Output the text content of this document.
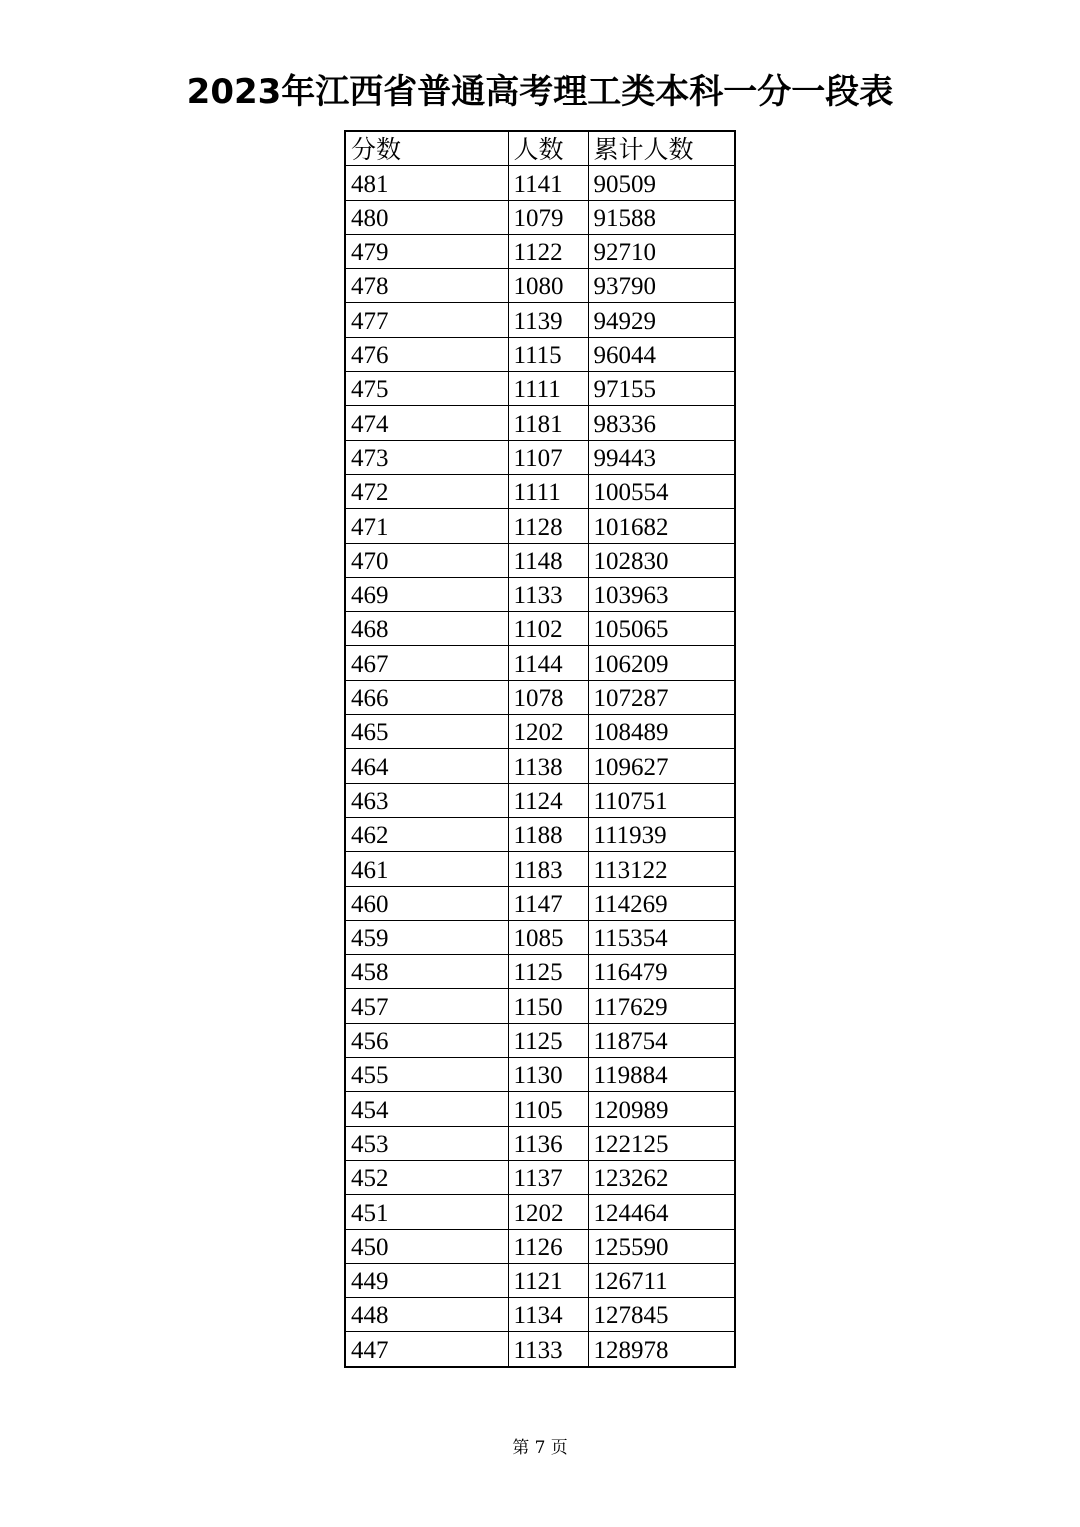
2023年江西省普通高考理工类本科一分一段表
分数	人数	累计人数
481	1141	90509
480	1079	91588
479	1122	92710
478	1080	93790
477	1139	94929
476	1115	96044
475	1111	97155
474	1181	98336
473	1107	99443
472	1111	100554
471	1128	101682
470	1148	102830
469	1133	103963
468	1102	105065
467	1144	106209
466	1078	107287
465	1202	108489
464	1138	109627
463	1124	110751
462	1188	111939
461	1183	113122
460	1147	114269
459	1085	115354
458	1125	116479
457	1150	117629
456	1125	118754
455	1130	119884
454	1105	120989
453	1136	122125
452	1137	123262
451	1202	124464
450	1126	125590
449	1121	126711
448	1134	127845
447	1133	128978
第 7 页
